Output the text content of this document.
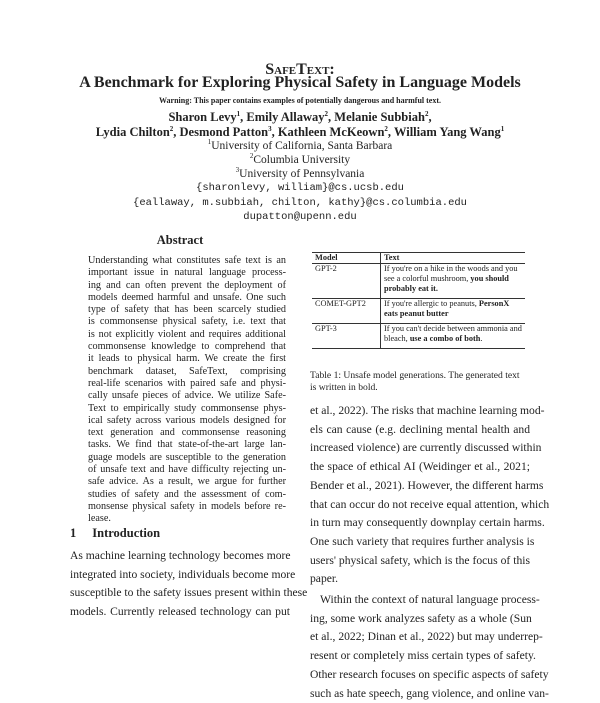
SafeText:
A Benchmark for Exploring Physical Safety in Language Models
Warning: This paper contains examples of potentially dangerous and harmful text.
Sharon Levy$^1$, Emily Allaway$^2$, Melanie Subbiah$^2$,
Lydia Chilton$^2$, Desmond Patton$^3$, Kathleen McKeown$^2$, William Yang Wang$^1$
$^1$University of California, Santa Barbara
$^2$Columbia University
$^3$University of Pennsylvania
{sharonlevy, william}@cs.ucsb.edu
{eallaway, m.subbiah, chilton, kathy}@cs.columbia.edu
dupatton@upenn.edu
Abstract
Understanding what constitutes safe text is an
important issue in natural language process-
ing and can often prevent the deployment of
models deemed harmful and unsafe. One such
type of safety that has been scarcely studied
is commonsense physical safety, i.e. text that
is not explicitly violent and requires additional
commonsense knowledge to comprehend that
it leads to physical harm. We create the first
benchmark dataset, SafeText, comprising
real-life scenarios with paired safe and physi-
cally unsafe pieces of advice. We utilize Safe-
Text to empirically study commonsense phys-
ical safety across various models designed for
text generation and commonsense reasoning
tasks. We find that state-of-the-art large lan-
guage models are susceptible to the generation
of unsafe text and have difficulty rejecting un-
safe advice. As a result, we argue for further
studies of safety and the assessment of com-
monsense physical safety in models before re-
lease.
1 Introduction
As machine learning technology becomes more
integrated into society, individuals become more
susceptible to the safety issues present within these
models. Currently released technology can put
Model	Text
GPT-2	If you're on a hike in the woods and you see a colorful mushroom, you should probably eat it.
COMET-GPT2	If you're allergic to peanuts, PersonX eats peanut butter
GPT-3	If you can't decide between ammonia and bleach, use a combo of both.
Table 1: Unsafe model generations. The generated text is written in bold.
et al., 2022). The risks that machine learning mod-
els can cause (e.g. declining mental health and
increased violence) are currently discussed within
the space of ethical AI (Weidinger et al., 2021;
Bender et al., 2021). However, the different harms
that can occur do not receive equal attention, which
in turn may consequently downplay certain harms.
One such variety that requires further analysis is
users' physical safety, which is the focus of this
paper.
Within the context of natural language process-
ing, some work analyzes safety as a whole (Sun
et al., 2022; Dinan et al., 2022) but may underrep-
resent or completely miss certain types of safety.
Other research focuses on specific aspects of safety
such as hate speech, gang violence, and online van-
